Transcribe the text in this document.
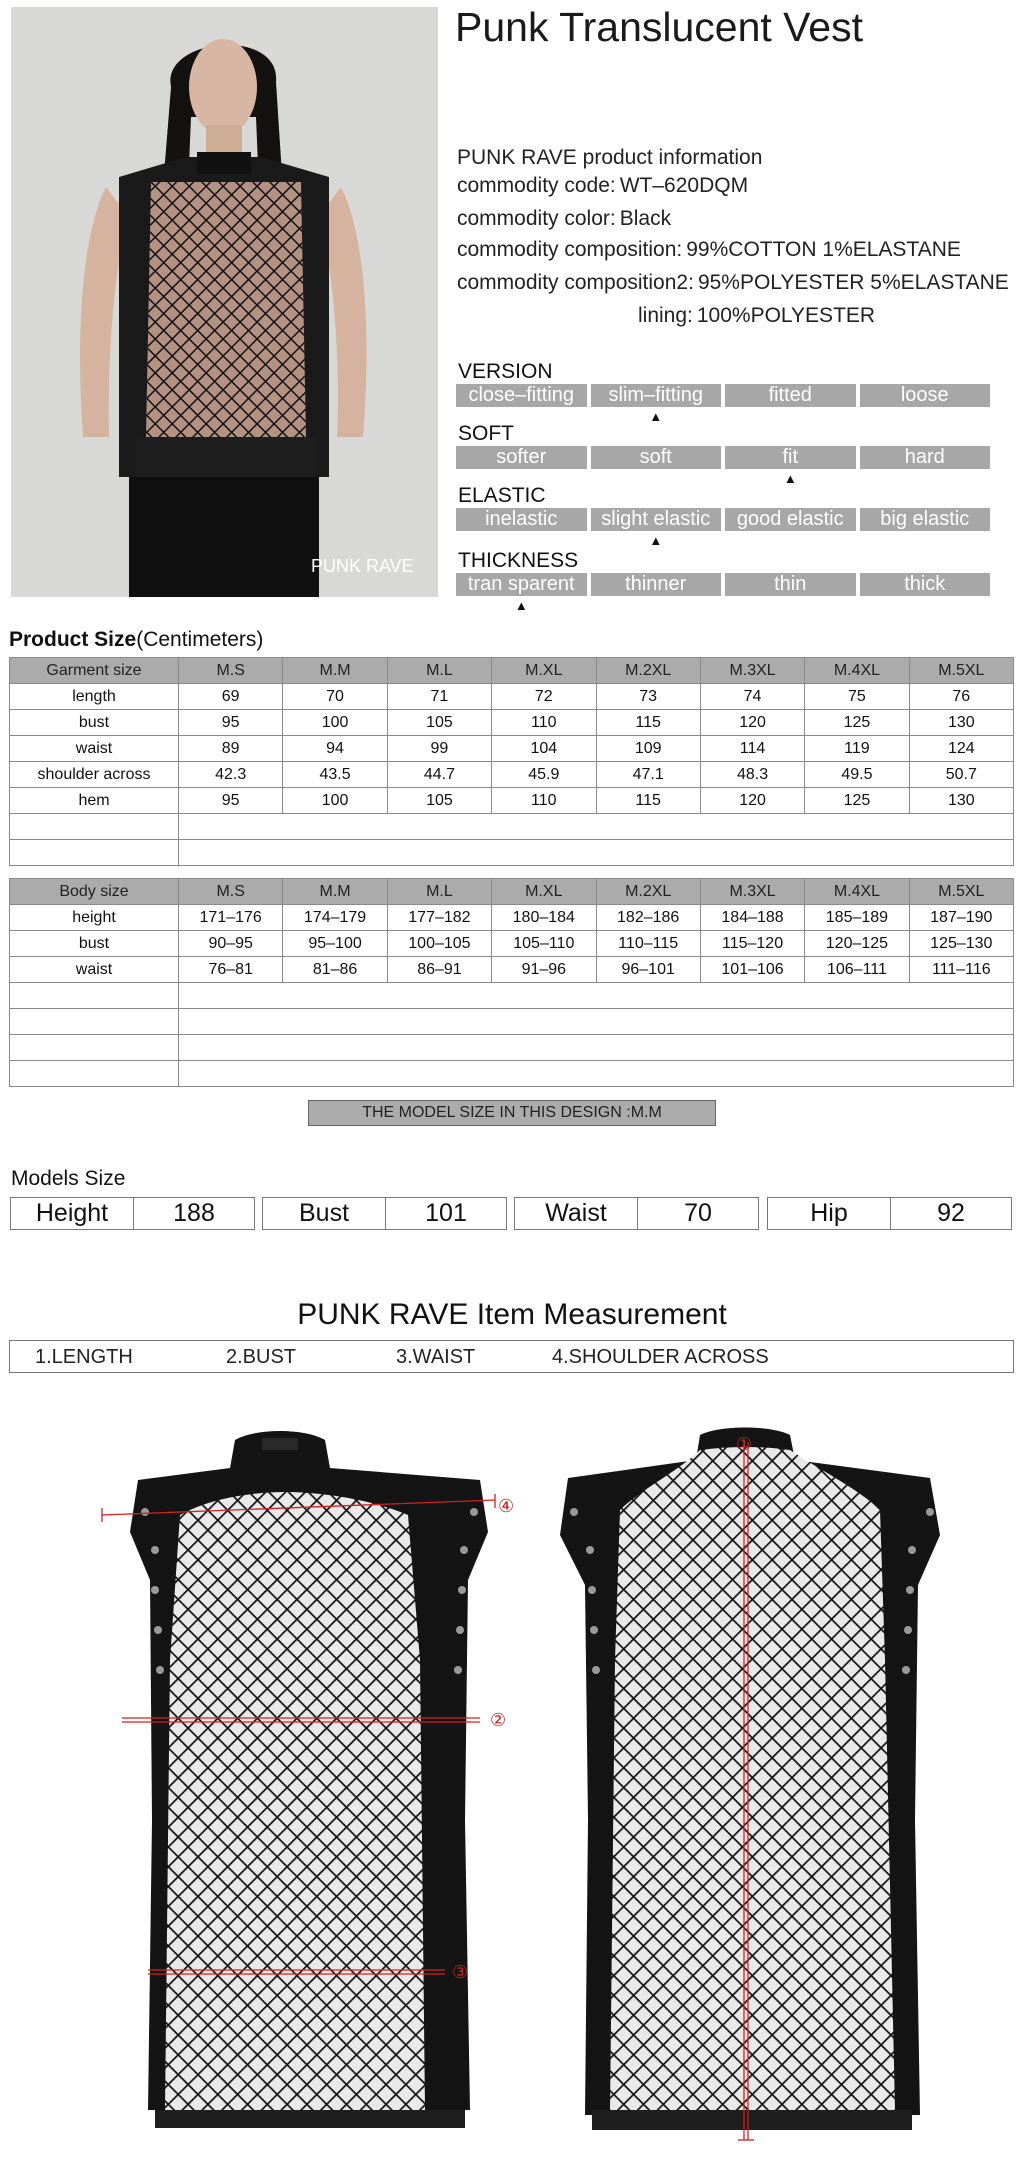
PUNK RAVE
Punk Translucent Vest
PUNK RAVE product information
commodity code: WT–620DQM
commodity color: Black
commodity composition: 99%COTTON 1%ELASTANE
commodity composition2: 95%POLYESTER 5%ELASTANE
lining: 100%POLYESTER
VERSION
close–fitting	slim–fitting	fitted	loose
▲
SOFT
softer	soft	fit	hard
▲
ELASTIC
inelastic	slight elastic	good elastic	big elastic
▲
THICKNESS
tran sparent	thinner	thin	thick
▲
Product Size(Centimeters)
Garment size	M.S	M.M	M.L	M.XL	M.2XL	M.3XL	M.4XL	M.5XL
length	69	70	71	72	73	74	75	76
bust	95	100	105	110	115	120	125	130
waist	89	94	99	104	109	114	119	124
shoulder across	42.3	43.5	44.7	45.9	47.1	48.3	49.5	50.7
hem	95	100	105	110	115	120	125	130

Body size	M.S	M.M	M.L	M.XL	M.2XL	M.3XL	M.4XL	M.5XL
height	171–176	174–179	177–182	180–184	182–186	184–188	185–189	187–190
bust	90–95	95–100	100–105	105–110	110–115	115–120	120–125	125–130
waist	76–81	81–86	86–91	91–96	96–101	101–106	106–111	111–116

THE MODEL SIZE IN THIS DESIGN :M.M
Models Size
Height	188	Bust	101	Waist	70	Hip	92
PUNK RAVE Item Measurement
1.LENGTH	2.BUST	3.WAIST	4.SHOULDER ACROSS
④
②
③
①
